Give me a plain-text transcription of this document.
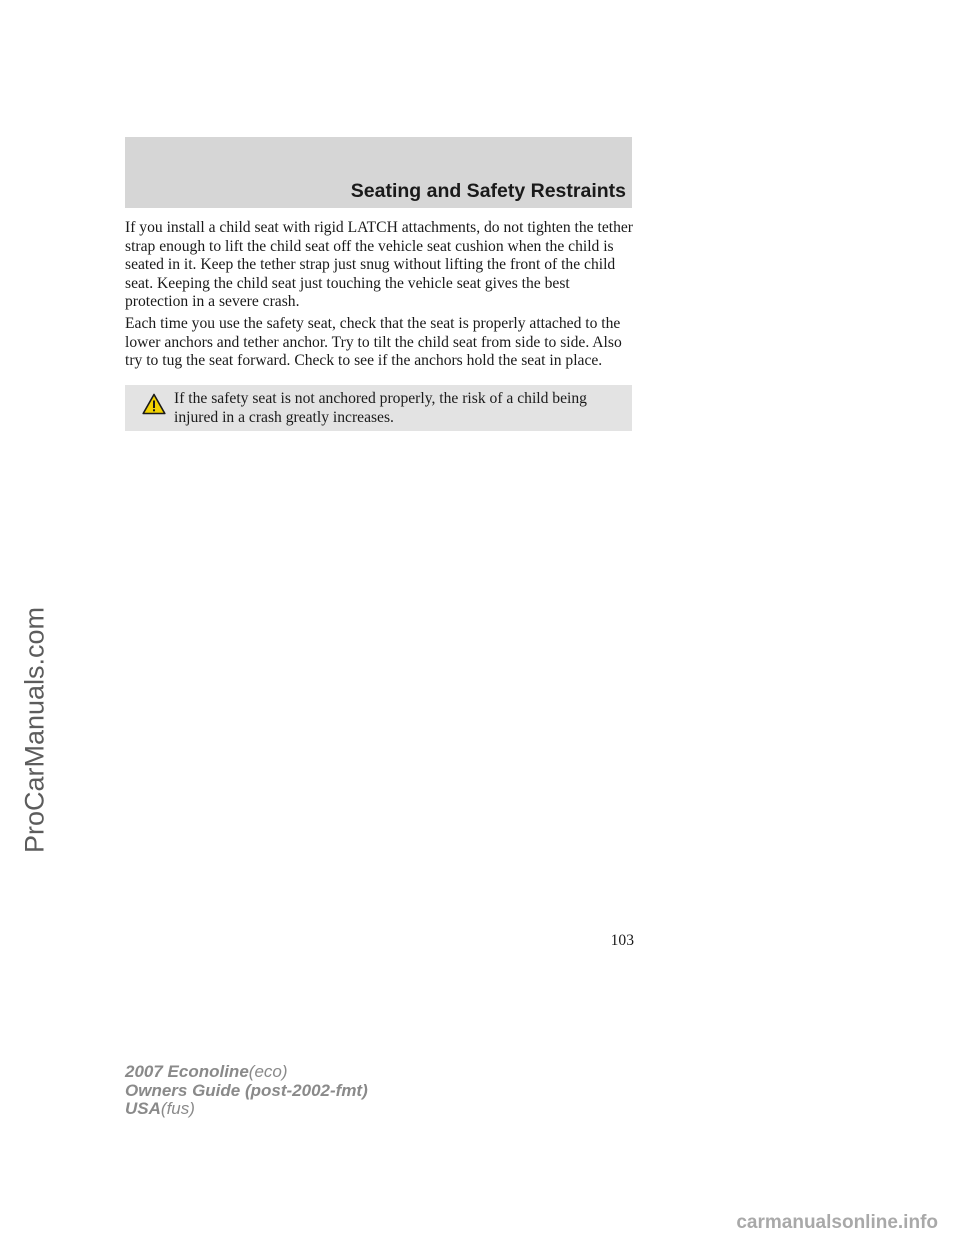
Seating and Safety Restraints

If you install a child seat with rigid LATCH attachments, do not tighten the tether strap enough to lift the child seat off the vehicle seat cushion when the child is seated in it. Keep the tether strap just snug without lifting the front of the child seat. Keeping the child seat just touching the vehicle seat gives the best protection in a severe crash.

Each time you use the safety seat, check that the seat is properly attached to the lower anchors and tether anchor. Try to tilt the child seat from side to side. Also try to tug the seat forward. Check to see if the anchors hold the seat in place.

If the safety seat is not anchored properly, the risk of a child being injured in a crash greatly increases.

103
2007 Econoline(eco)
Owners Guide (post-2002-fmt)
USA(fus)
ProCarManuals.com
carmanualsonline.info
